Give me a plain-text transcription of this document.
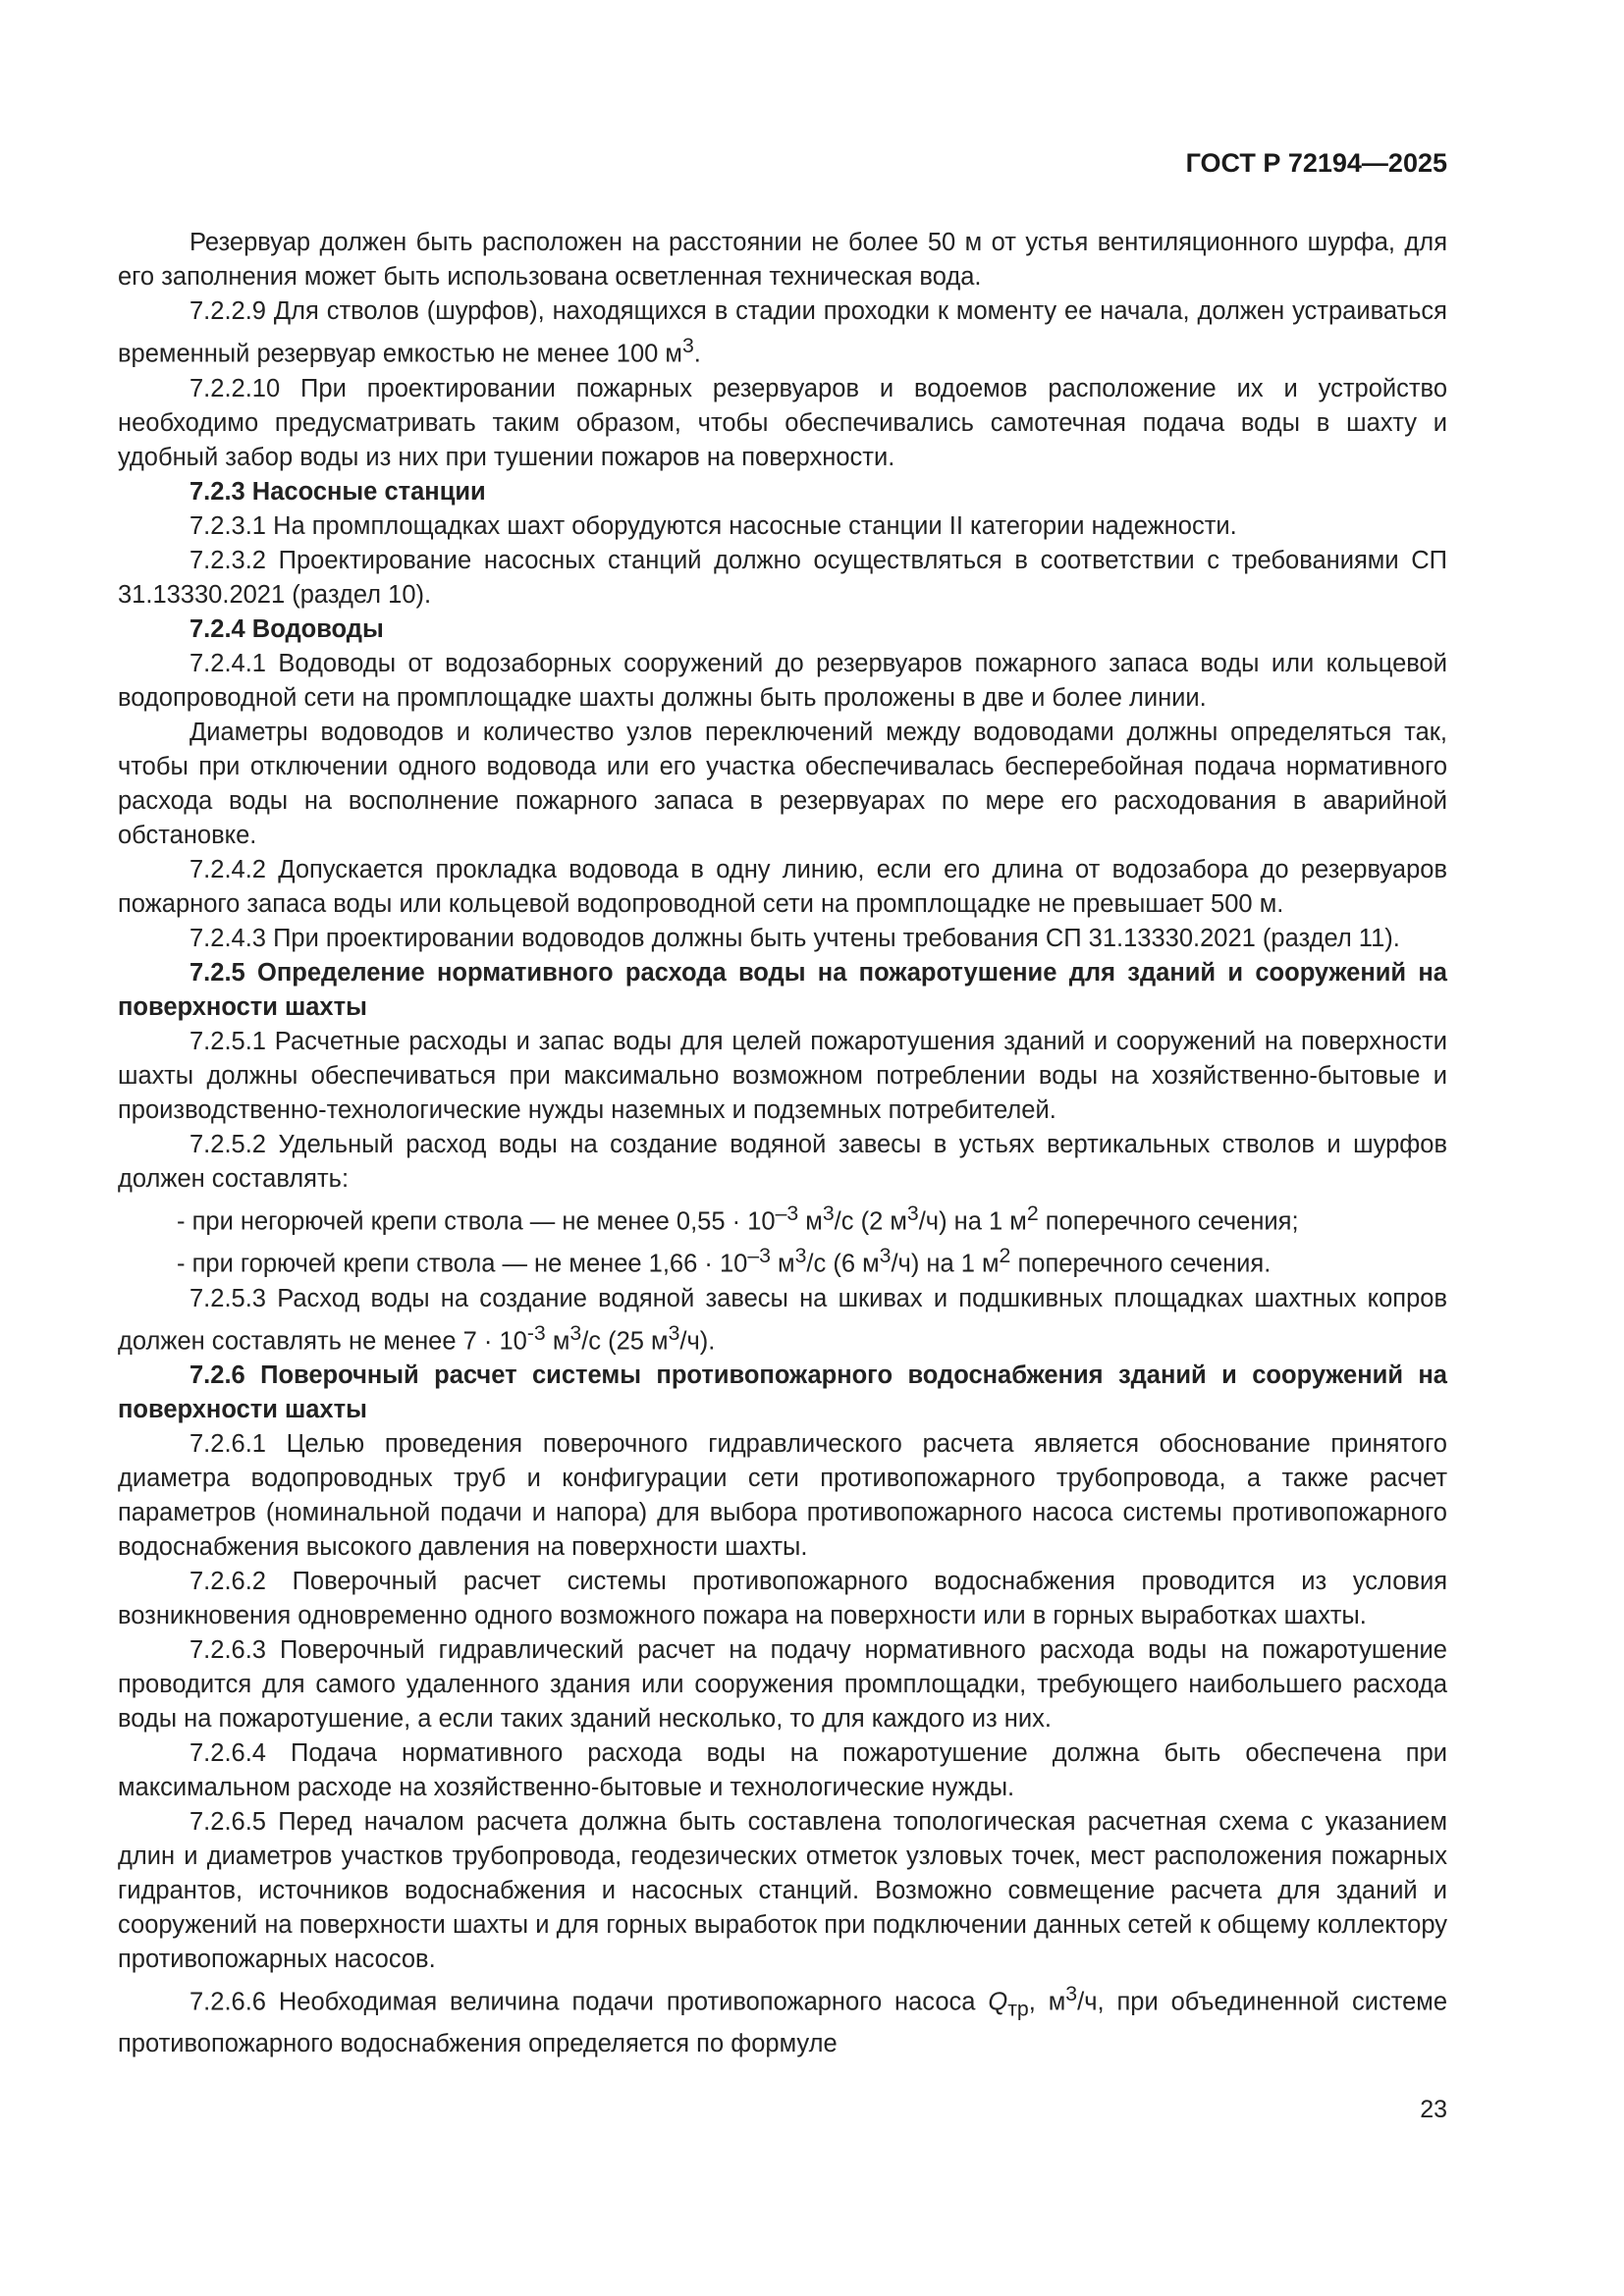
ГОСТ Р 72194—2025

Резервуар должен быть расположен на расстоянии не более 50 м от устья вентиляционного шурфа, для его заполнения может быть использована осветленная техническая вода.

7.2.2.9 Для стволов (шурфов), находящихся в стадии проходки к моменту ее начала, должен устраиваться временный резервуар емкостью не менее 100 $м^3$.

7.2.2.10 При проектировании пожарных резервуаров и водоемов расположение их и устройство необходимо предусматривать таким образом, чтобы обеспечивались самотечная подача воды в шахту и удобный забор воды из них при тушении пожаров на поверхности.

7.2.3 Насосные станции

7.2.3.1 На промплощадках шахт оборудуются насосные станции II категории надежности.

7.2.3.2 Проектирование насосных станций должно осуществляться в соответствии с требованиями СП 31.13330.2021 (раздел 10).

7.2.4 Водоводы

7.2.4.1 Водоводы от водозаборных сооружений до резервуаров пожарного запаса воды или кольцевой водопроводной сети на промплощадке шахты должны быть проложены в две и более линии.

Диаметры водоводов и количество узлов переключений между водоводами должны определяться так, чтобы при отключении одного водовода или его участка обеспечивалась бесперебойная подача нормативного расхода воды на восполнение пожарного запаса в резервуарах по мере его расходования в аварийной обстановке.

7.2.4.2 Допускается прокладка водовода в одну линию, если его длина от водозабора до резервуаров пожарного запаса воды или кольцевой водопроводной сети на промплощадке не превышает 500 м.

7.2.4.3 При проектировании водоводов должны быть учтены требования СП 31.13330.2021 (раздел 11).

7.2.5 Определение нормативного расхода воды на пожаротушение для зданий и сооружений на поверхности шахты

7.2.5.1 Расчетные расходы и запас воды для целей пожаротушения зданий и сооружений на поверхности шахты должны обеспечиваться при максимально возможном потреблении воды на хозяйственно-бытовые и производственно-технологические нужды наземных и подземных потребителей.

7.2.5.2 Удельный расход воды на создание водяной завесы в устьях вертикальных стволов и шурфов должен составлять:

- при негорючей крепи ствола — не менее $0,55 \cdot 10^{-3}$ $м^3/с$ (2 $м^3/ч$) на 1 $м^2$ поперечного сечения;

- при горючей крепи ствола — не менее $1,66 \cdot 10^{-3}$ $м^3/с$ (6 $м^3/ч$) на 1 $м^2$ поперечного сечения.

7.2.5.3 Расход воды на создание водяной завесы на шкивах и подшкивных площадках шахтных копров должен составлять не менее $7 \cdot 10^{-3}$ $м^3/с$ (25 $м^3/ч$).

7.2.6 Поверочный расчет системы противопожарного водоснабжения зданий и сооружений на поверхности шахты

7.2.6.1 Целью проведения поверочного гидравлического расчета является обоснование принятого диаметра водопроводных труб и конфигурации сети противопожарного трубопровода, а также расчет параметров (номинальной подачи и напора) для выбора противопожарного насоса системы противопожарного водоснабжения высокого давления на поверхности шахты.

7.2.6.2 Поверочный расчет системы противопожарного водоснабжения проводится из условия возникновения одновременно одного возможного пожара на поверхности или в горных выработках шахты.

7.2.6.3 Поверочный гидравлический расчет на подачу нормативного расхода воды на пожаротушение проводится для самого удаленного здания или сооружения промплощадки, требующего наибольшего расхода воды на пожаротушение, а если таких зданий несколько, то для каждого из них.

7.2.6.4 Подача нормативного расхода воды на пожаротушение должна быть обеспечена при максимальном расходе на хозяйственно-бытовые и технологические нужды.

7.2.6.5 Перед началом расчета должна быть составлена топологическая расчетная схема с указанием длин и диаметров участков трубопровода, геодезических отметок узловых точек, мест расположения пожарных гидрантов, источников водоснабжения и насосных станций. Возможно совмещение расчета для зданий и сооружений на поверхности шахты и для горных выработок при подключении данных сетей к общему коллектору противопожарных насосов.

7.2.6.6 Необходимая величина подачи противопожарного насоса $Q_{тр}$, $м^3/ч$, при объединенной системе противопожарного водоснабжения определяется по формуле

23
